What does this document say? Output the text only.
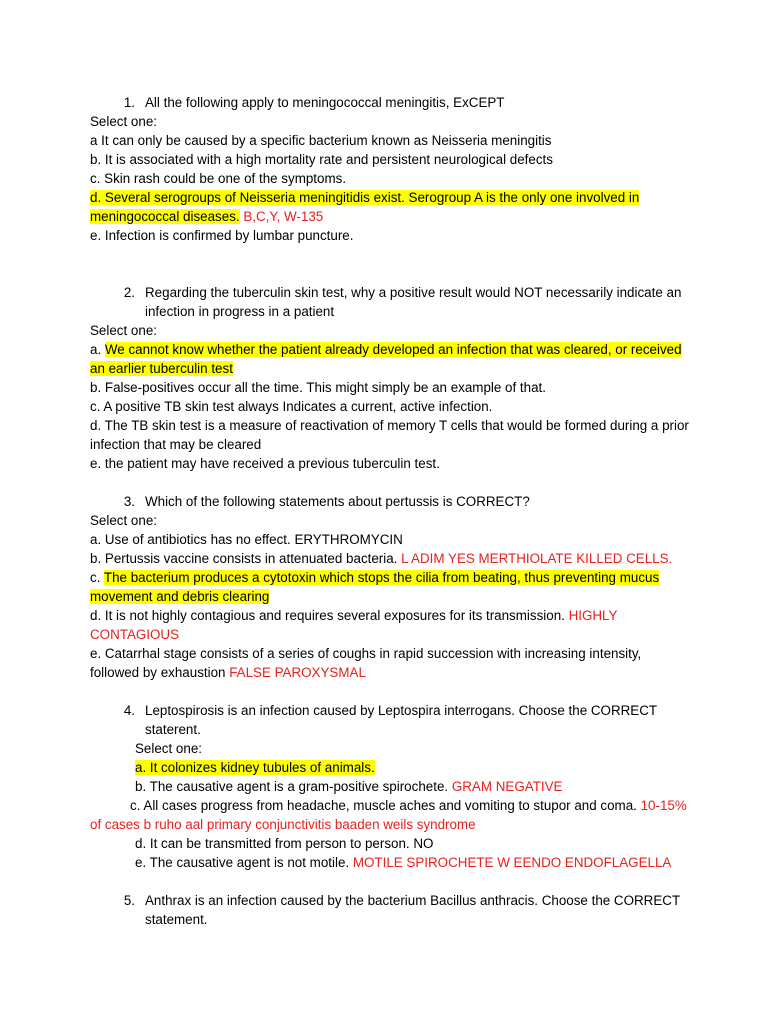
1. All the following apply to meningococcal meningitis, ExCEPT

Select one:

a It can only be caused by a specific bacterium known as Neisseria meningitis

b. It is associated with a high mortality rate and persistent neurological defects

c. Skin rash could be one of the symptoms.

d. Several serogroups of Neisseria meningitidis exist. Serogroup A is the only one involved in meningococcal diseases. B,C,Y, W-135

e. Infection is confirmed by lumbar puncture.

2. Regarding the tuberculin skin test, why a positive result would NOT necessarily indicate an infection in progress in a patient

Select one:

a. We cannot know whether the patient already developed an infection that was cleared, or received an earlier tuberculin test

b. False-positives occur all the time. This might simply be an example of that.

c. A positive TB skin test always Indicates a current, active infection.

d. The TB skin test is a measure of reactivation of memory T cells that would be formed during a prior infection that may be cleared

e. the patient may have received a previous tuberculin test.

3. Which of the following statements about pertussis is CORRECT?

Select one:

a. Use of antibiotics has no effect. ERYTHROMYCIN

b. Pertussis vaccine consists in attenuated bacteria. L ADIM YES MERTHIOLATE KILLED CELLS.

c. The bacterium produces a cytotoxin which stops the cilia from beating, thus preventing mucus movement and debris clearing

d. It is not highly contagious and requires several exposures for its transmission. HIGHLY CONTAGIOUS

e. Catarrhal stage consists of a series of coughs in rapid succession with increasing intensity, followed by exhaustion FALSE PAROXYSMAL

4. Leptospirosis is an infection caused by Leptospira interrogans. Choose the CORRECT staterent.

Select one:

a. It colonizes kidney tubules of animals.

b. The causative agent is a gram-positive spirochete. GRAM NEGATIVE

c. All cases progress from headache, muscle aches and vomiting to stupor and coma. 10-15% of cases b ruho aal primary conjunctivitis baaden weils syndrome

d. It can be transmitted from person to person. NO

e. The causative agent is not motile. MOTILE SPIROCHETE W EENDO ENDOFLAGELLA

5. Anthrax is an infection caused by the bacterium Bacillus anthracis. Choose the CORRECT statement.
